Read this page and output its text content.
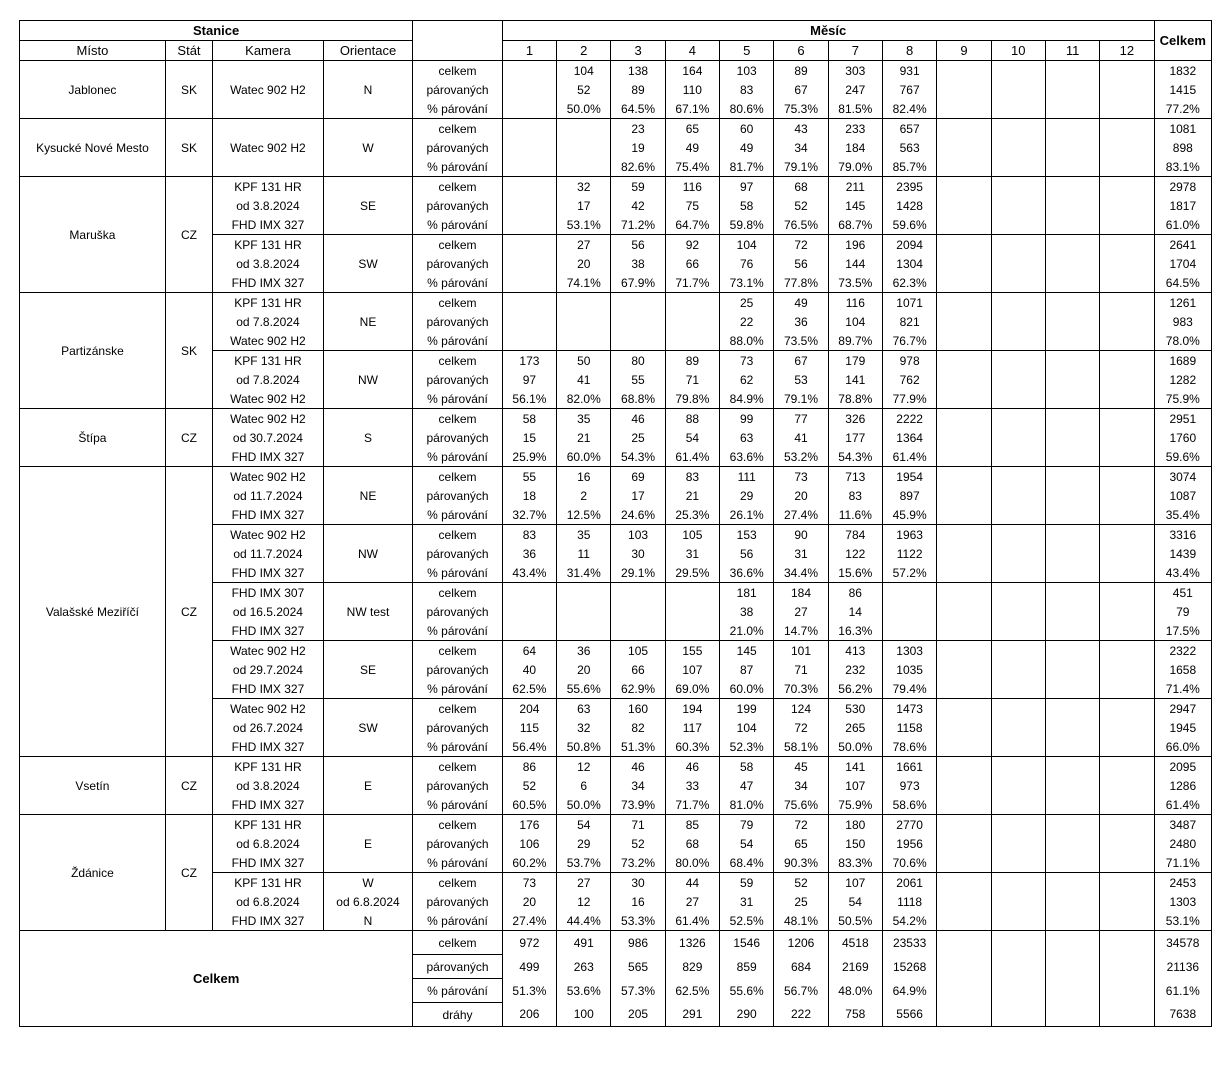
Stanice					Měsíc												Celkem
Místo	Stát	Kamera	Orientace		1	2	3	4	5	6	7	8	9	10	11	12	
Jablonec	SK	Watec 902 H2	N	celkem		104	138	164	103	89	303	931					1832
				párovaných		52	89	110	83	67	247	767					1415
				% párování		50.0%	64.5%	67.1%	80.6%	75.3%	81.5%	82.4%					77.2%
Kysucké Nové Mesto	SK	Watec 902 H2	W	celkem			23	65	60	43	233	657					1081
				párovaných			19	49	49	34	184	563					898
				% párování			82.6%	75.4%	81.7%	79.1%	79.0%	85.7%					83.1%
Maruška	CZ	KPF 131 HR	SE	celkem		32	59	116	97	68	211	2395					2978
		od 3.8.2024		párovaných		17	42	75	58	52	145	1428					1817
		FHD IMX 327		% párování		53.1%	71.2%	64.7%	59.8%	76.5%	68.7%	59.6%					61.0%
		KPF 131 HR	SW	celkem		27	56	92	104	72	196	2094					2641
		od 3.8.2024		párovaných		20	38	66	76	56	144	1304					1704
		FHD IMX 327		% párování		74.1%	67.9%	71.7%	73.1%	77.8%	73.5%	62.3%					64.5%
Partizánske	SK	KPF 131 HR	NE	celkem					25	49	116	1071					1261
		od 7.8.2024		párovaných					22	36	104	821					983
		Watec 902 H2		% párování					88.0%	73.5%	89.7%	76.7%					78.0%
		KPF 131 HR	NW	celkem	173	50	80	89	73	67	179	978					1689
		od 7.8.2024		párovaných	97	41	55	71	62	53	141	762					1282
		Watec 902 H2		% párování	56.1%	82.0%	68.8%	79.8%	84.9%	79.1%	78.8%	77.9%					75.9%
Štípa	CZ	Watec 902 H2	S	celkem	58	35	46	88	99	77	326	2222					2951
		od 30.7.2024		párovaných	15	21	25	54	63	41	177	1364					1760
		FHD IMX 327		% párování	25.9%	60.0%	54.3%	61.4%	63.6%	53.2%	54.3%	61.4%					59.6%
Valašské Meziříčí	CZ	Watec 902 H2	NE	celkem	55	16	69	83	111	73	713	1954					3074
		od 11.7.2024		párovaných	18	2	17	21	29	20	83	897					1087
		FHD IMX 327		% párování	32.7%	12.5%	24.6%	25.3%	26.1%	27.4%	11.6%	45.9%					35.4%
		Watec 902 H2	NW	celkem	83	35	103	105	153	90	784	1963					3316
		od 11.7.2024		párovaných	36	11	30	31	56	31	122	1122					1439
		FHD IMX 327		% párování	43.4%	31.4%	29.1%	29.5%	36.6%	34.4%	15.6%	57.2%					43.4%
		FHD IMX 307	NW test	celkem					181	184	86						451
		od 16.5.2024		párovaných					38	27	14						79
		FHD IMX 327		% párování					21.0%	14.7%	16.3%						17.5%
		Watec 902 H2	SE	celkem	64	36	105	155	145	101	413	1303					2322
		od 29.7.2024		párovaných	40	20	66	107	87	71	232	1035					1658
		FHD IMX 327		% párování	62.5%	55.6%	62.9%	69.0%	60.0%	70.3%	56.2%	79.4%					71.4%
		Watec 902 H2	SW	celkem	204	63	160	194	199	124	530	1473					2947
		od 26.7.2024		párovaných	115	32	82	117	104	72	265	1158					1945
		FHD IMX 327		% párování	56.4%	50.8%	51.3%	60.3%	52.3%	58.1%	50.0%	78.6%					66.0%
Vsetín	CZ	KPF 131 HR	E	celkem	86	12	46	46	58	45	141	1661					2095
		od 3.8.2024		párovaných	52	6	34	33	47	34	107	973					1286
		FHD IMX 327		% párování	60.5%	50.0%	73.9%	71.7%	81.0%	75.6%	75.9%	58.6%					61.4%
Ždánice	CZ	KPF 131 HR	E	celkem	176	54	71	85	79	72	180	2770					3487
		od 6.8.2024		párovaných	106	29	52	68	54	65	150	1956					2480
		FHD IMX 327		% párování	60.2%	53.7%	73.2%	80.0%	68.4%	90.3%	83.3%	70.6%					71.1%
		KPF 131 HR	W	celkem	73	27	30	44	59	52	107	2061					2453
		od 6.8.2024	od 6.8.2024	párovaných	20	12	16	27	31	25	54	1118					1303
		FHD IMX 327	N	% párování	27.4%	44.4%	53.3%	61.4%	52.5%	48.1%	50.5%	54.2%					53.1%
Celkem				celkem	972	491	986	1326	1546	1206	4518	23533					34578
				párovaných	499	263	565	829	859	684	2169	15268					21136
				% párování	51.3%	53.6%	57.3%	62.5%	55.6%	56.7%	48.0%	64.9%					61.1%
				dráhy	206	100	205	291	290	222	758	5566					7638
